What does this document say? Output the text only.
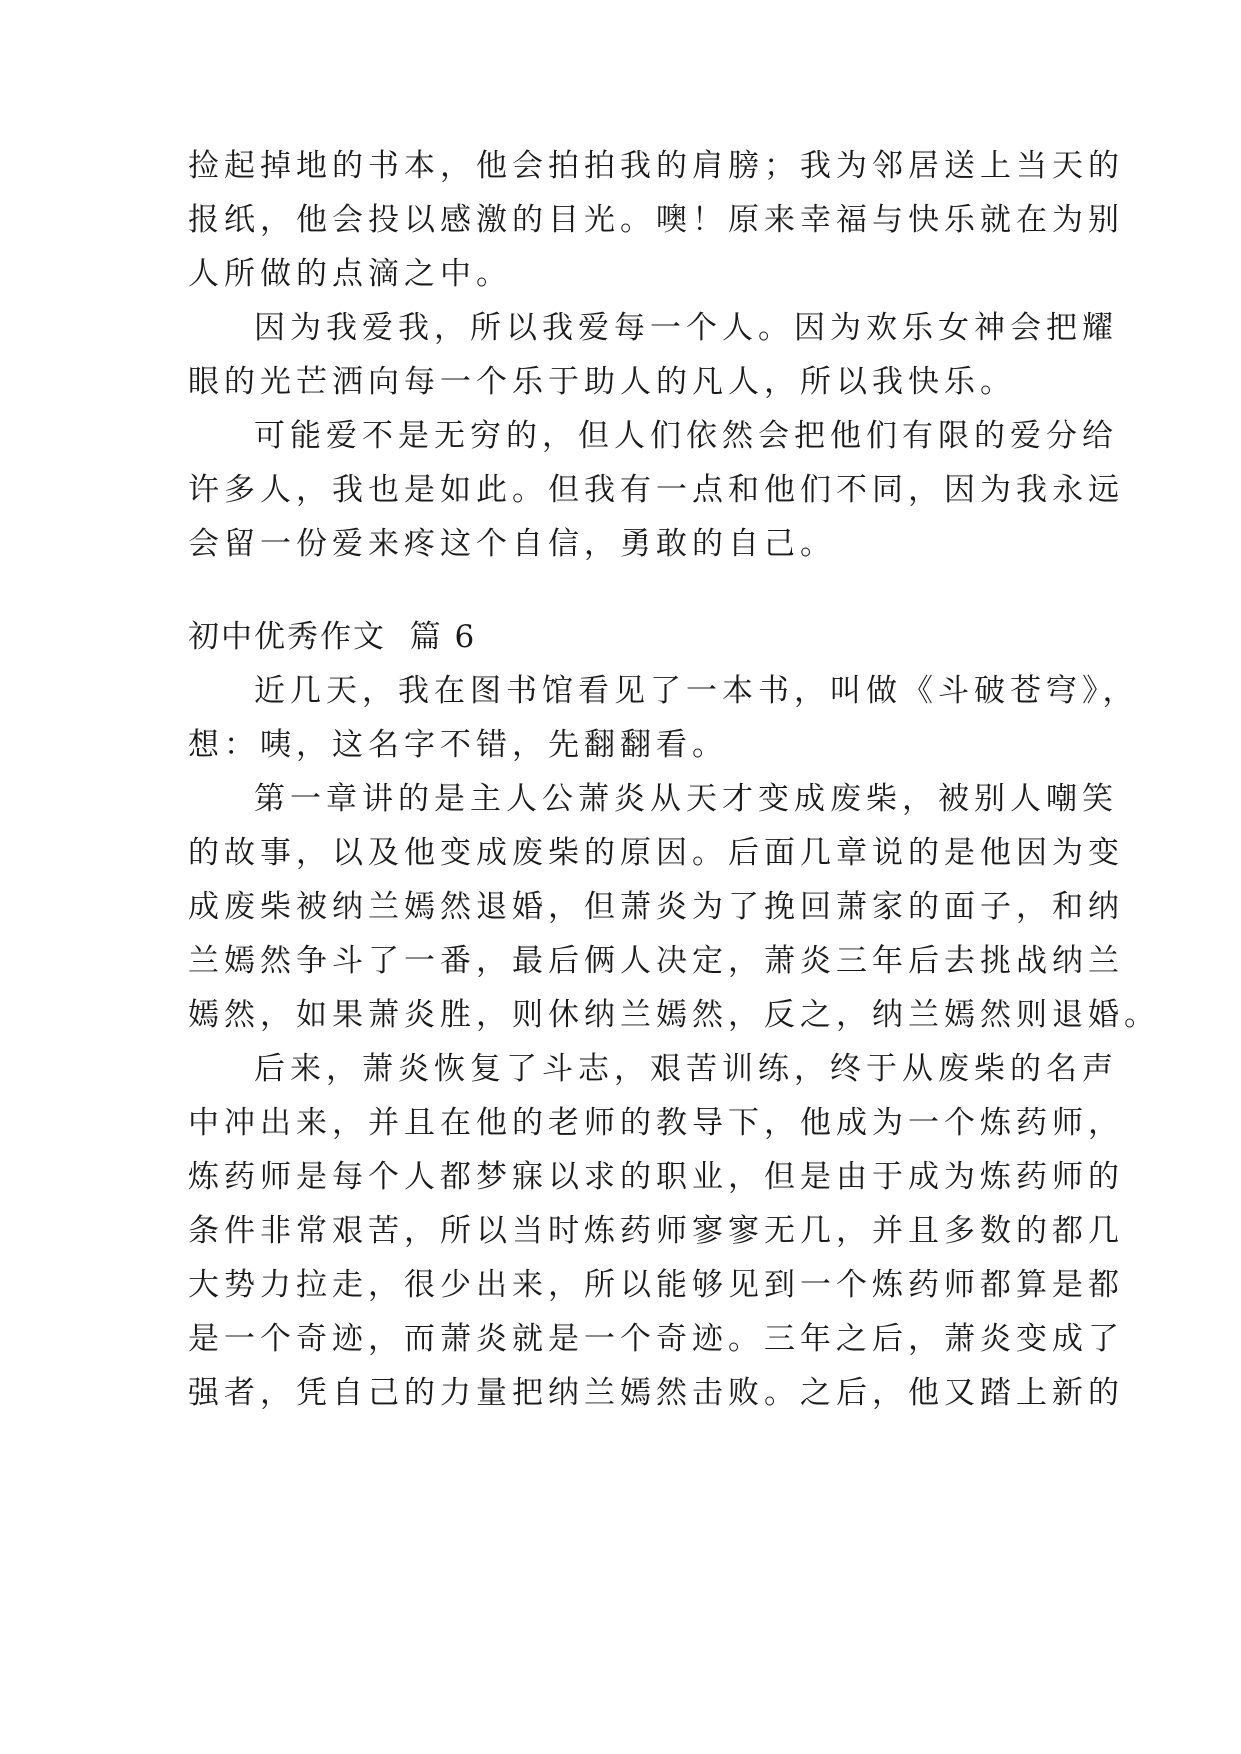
捡起掉地的书本，他会拍拍我的肩膀；我为邻居送上当天的
报纸，他会投以感激的目光。噢！原来幸福与快乐就在为别
人所做的点滴之中。
因为我爱我，所以我爱每一个人。因为欢乐女神会把耀
眼的光芒洒向每一个乐于助人的凡人，所以我快乐。
可能爱不是无穷的，但人们依然会把他们有限的爱分给
许多人，我也是如此。但我有一点和他们不同，因为我永远
会留一份爱来疼这个自信，勇敢的自己。
初中优秀作文  篇 6
近几天，我在图书馆看见了一本书，叫做《斗破苍穹》，
想：咦，这名字不错，先翻翻看。
第一章讲的是主人公萧炎从天才变成废柴，被别人嘲笑
的故事，以及他变成废柴的原因。后面几章说的是他因为变
成废柴被纳兰嫣然退婚，但萧炎为了挽回萧家的面子，和纳
兰嫣然争斗了一番，最后俩人决定，萧炎三年后去挑战纳兰
嫣然，如果萧炎胜，则休纳兰嫣然，反之，纳兰嫣然则退婚。
后来，萧炎恢复了斗志，艰苦训练，终于从废柴的名声
中冲出来，并且在他的老师的教导下，他成为一个炼药师，
炼药师是每个人都梦寐以求的职业，但是由于成为炼药师的
条件非常艰苦，所以当时炼药师寥寥无几，并且多数的都几
大势力拉走，很少出来，所以能够见到一个炼药师都算是都
是一个奇迹，而萧炎就是一个奇迹。三年之后，萧炎变成了
强者，凭自己的力量把纳兰嫣然击败。之后，他又踏上新的
